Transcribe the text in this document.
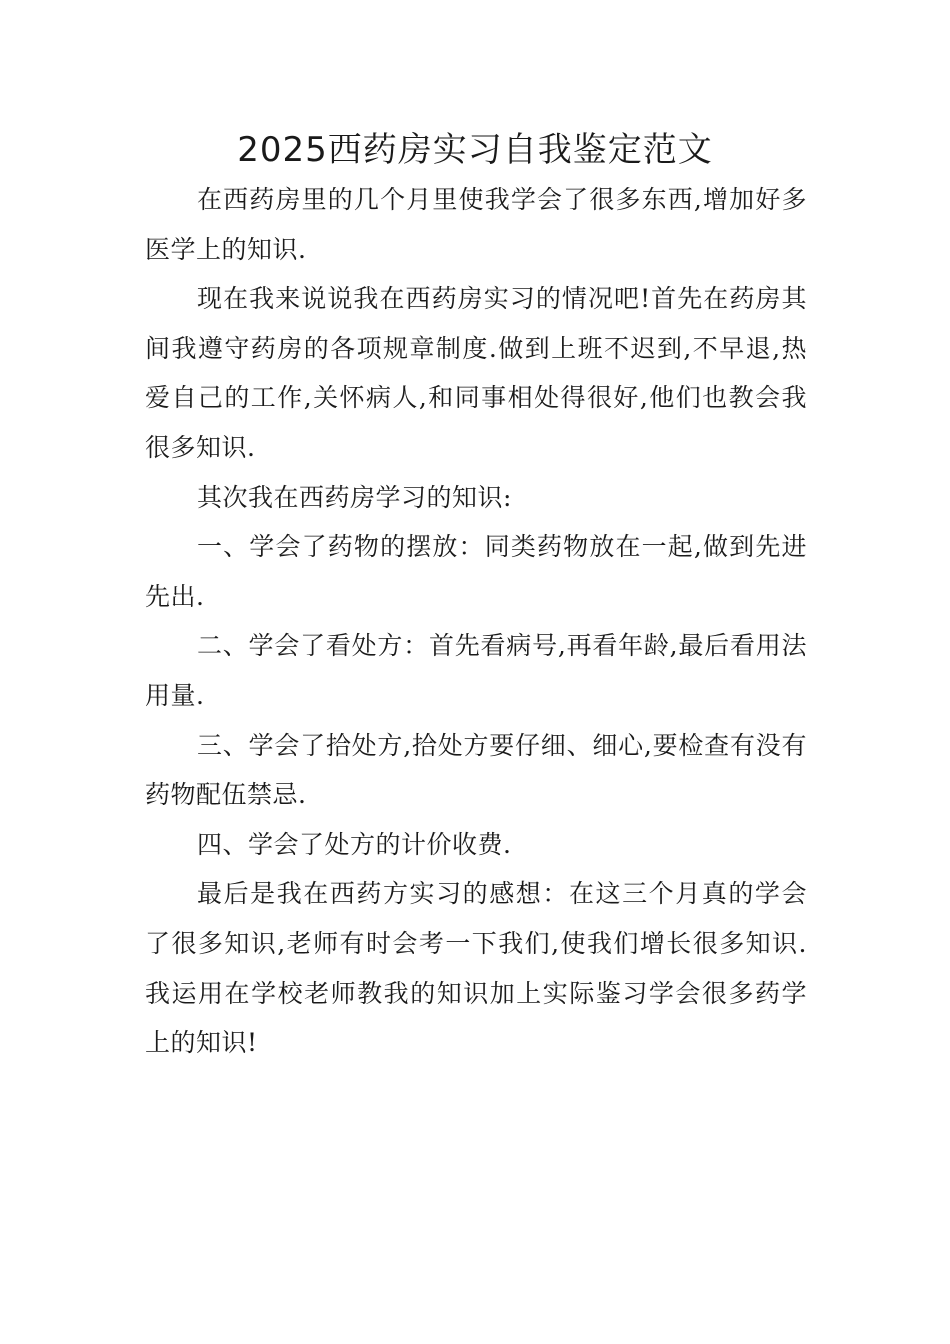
2025西药房实习自我鉴定范文

在西药房里的几个月里使我学会了很多东西,增加好多医学上的知识.

现在我来说说我在西药房实习的情况吧!首先在药房其间我遵守药房的各项规章制度.做到上班不迟到,不早退,热爱自己的工作,关怀病人,和同事相处得很好,他们也教会我很多知识.

其次我在西药房学习的知识:

一、学会了药物的摆放：同类药物放在一起,做到先进先出.

二、学会了看处方：首先看病号,再看年龄,最后看用法用量.

三、学会了拾处方,拾处方要仔细、细心,要检查有没有药物配伍禁忌.

四、学会了处方的计价收费.

最后是我在西药方实习的感想：在这三个月真的学会了很多知识,老师有时会考一下我们,使我们增长很多知识.我运用在学校老师教我的知识加上实际鉴习学会很多药学上的知识!
